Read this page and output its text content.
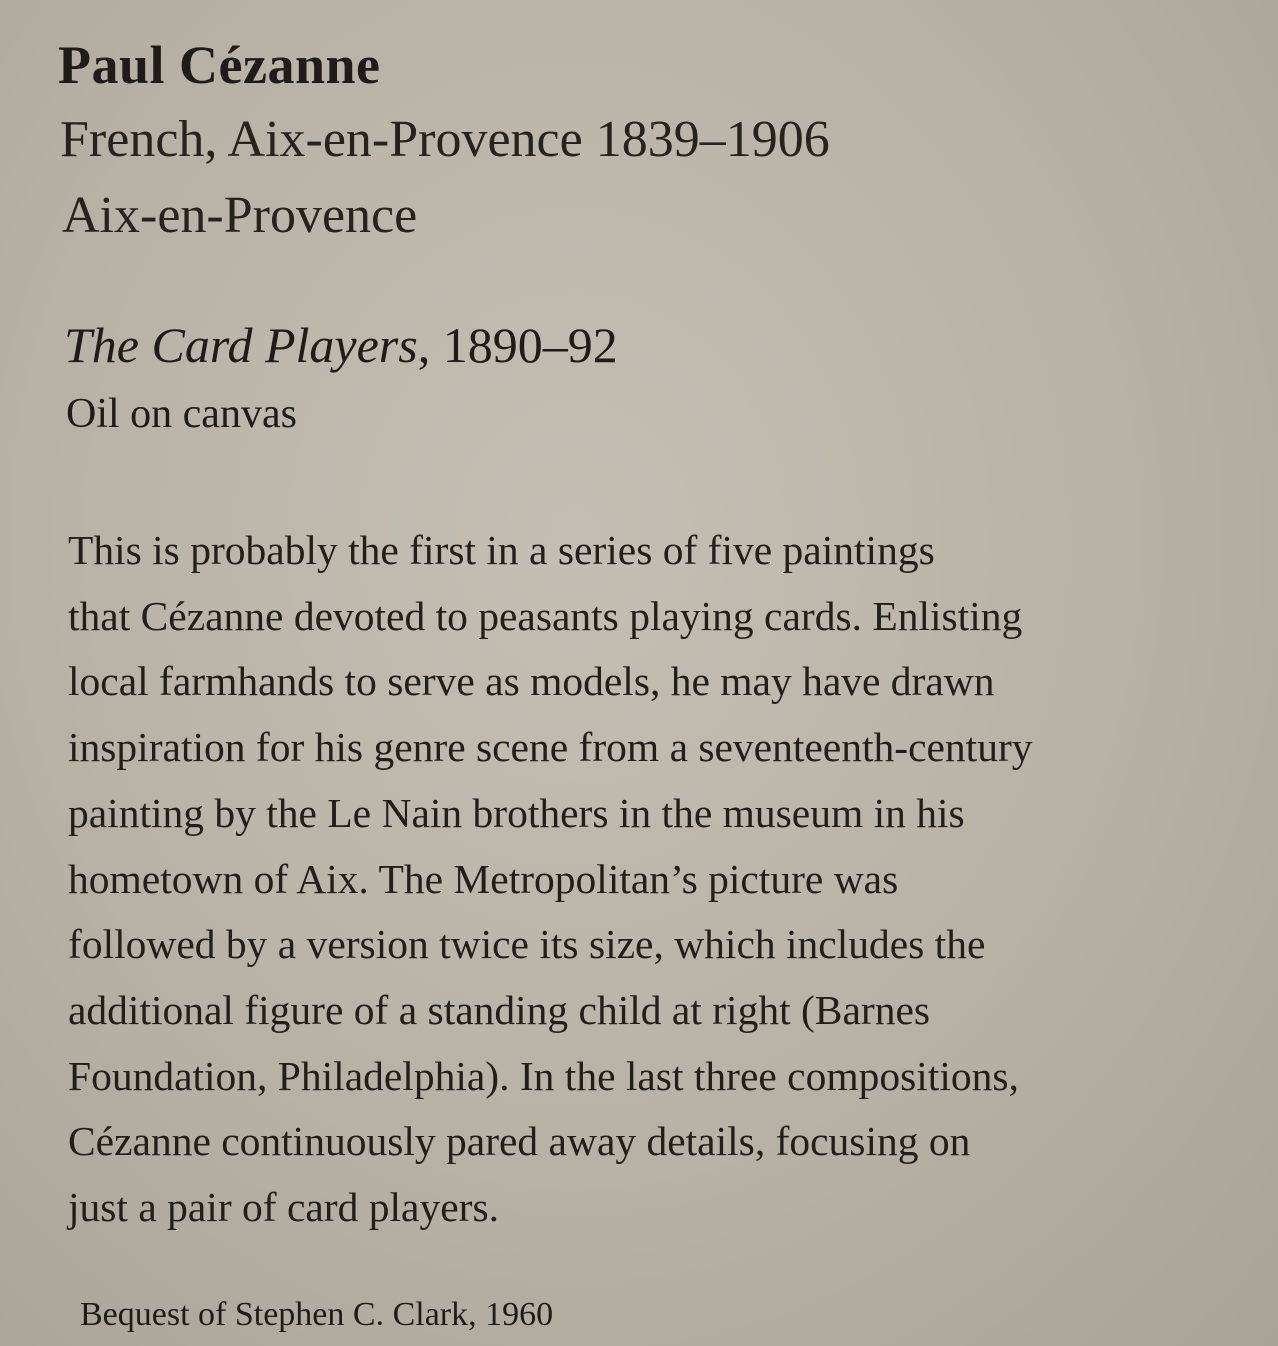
Paul Cézanne
French, Aix-en-Provence 1839–1906
Aix-en-Provence
The Card Players, 1890–92
Oil on canvas
This is probably the first in a series of five paintings
that Cézanne devoted to peasants playing cards. Enlisting
local farmhands to serve as models, he may have drawn
inspiration for his genre scene from a seventeenth-century
painting by the Le Nain brothers in the museum in his
hometown of Aix. The Metropolitan’s picture was
followed by a version twice its size, which includes the
additional figure of a standing child at right (Barnes
Foundation, Philadelphia). In the last three compositions,
Cézanne continuously pared away details, focusing on
just a pair of card players.
Bequest of Stephen C. Clark, 1960
